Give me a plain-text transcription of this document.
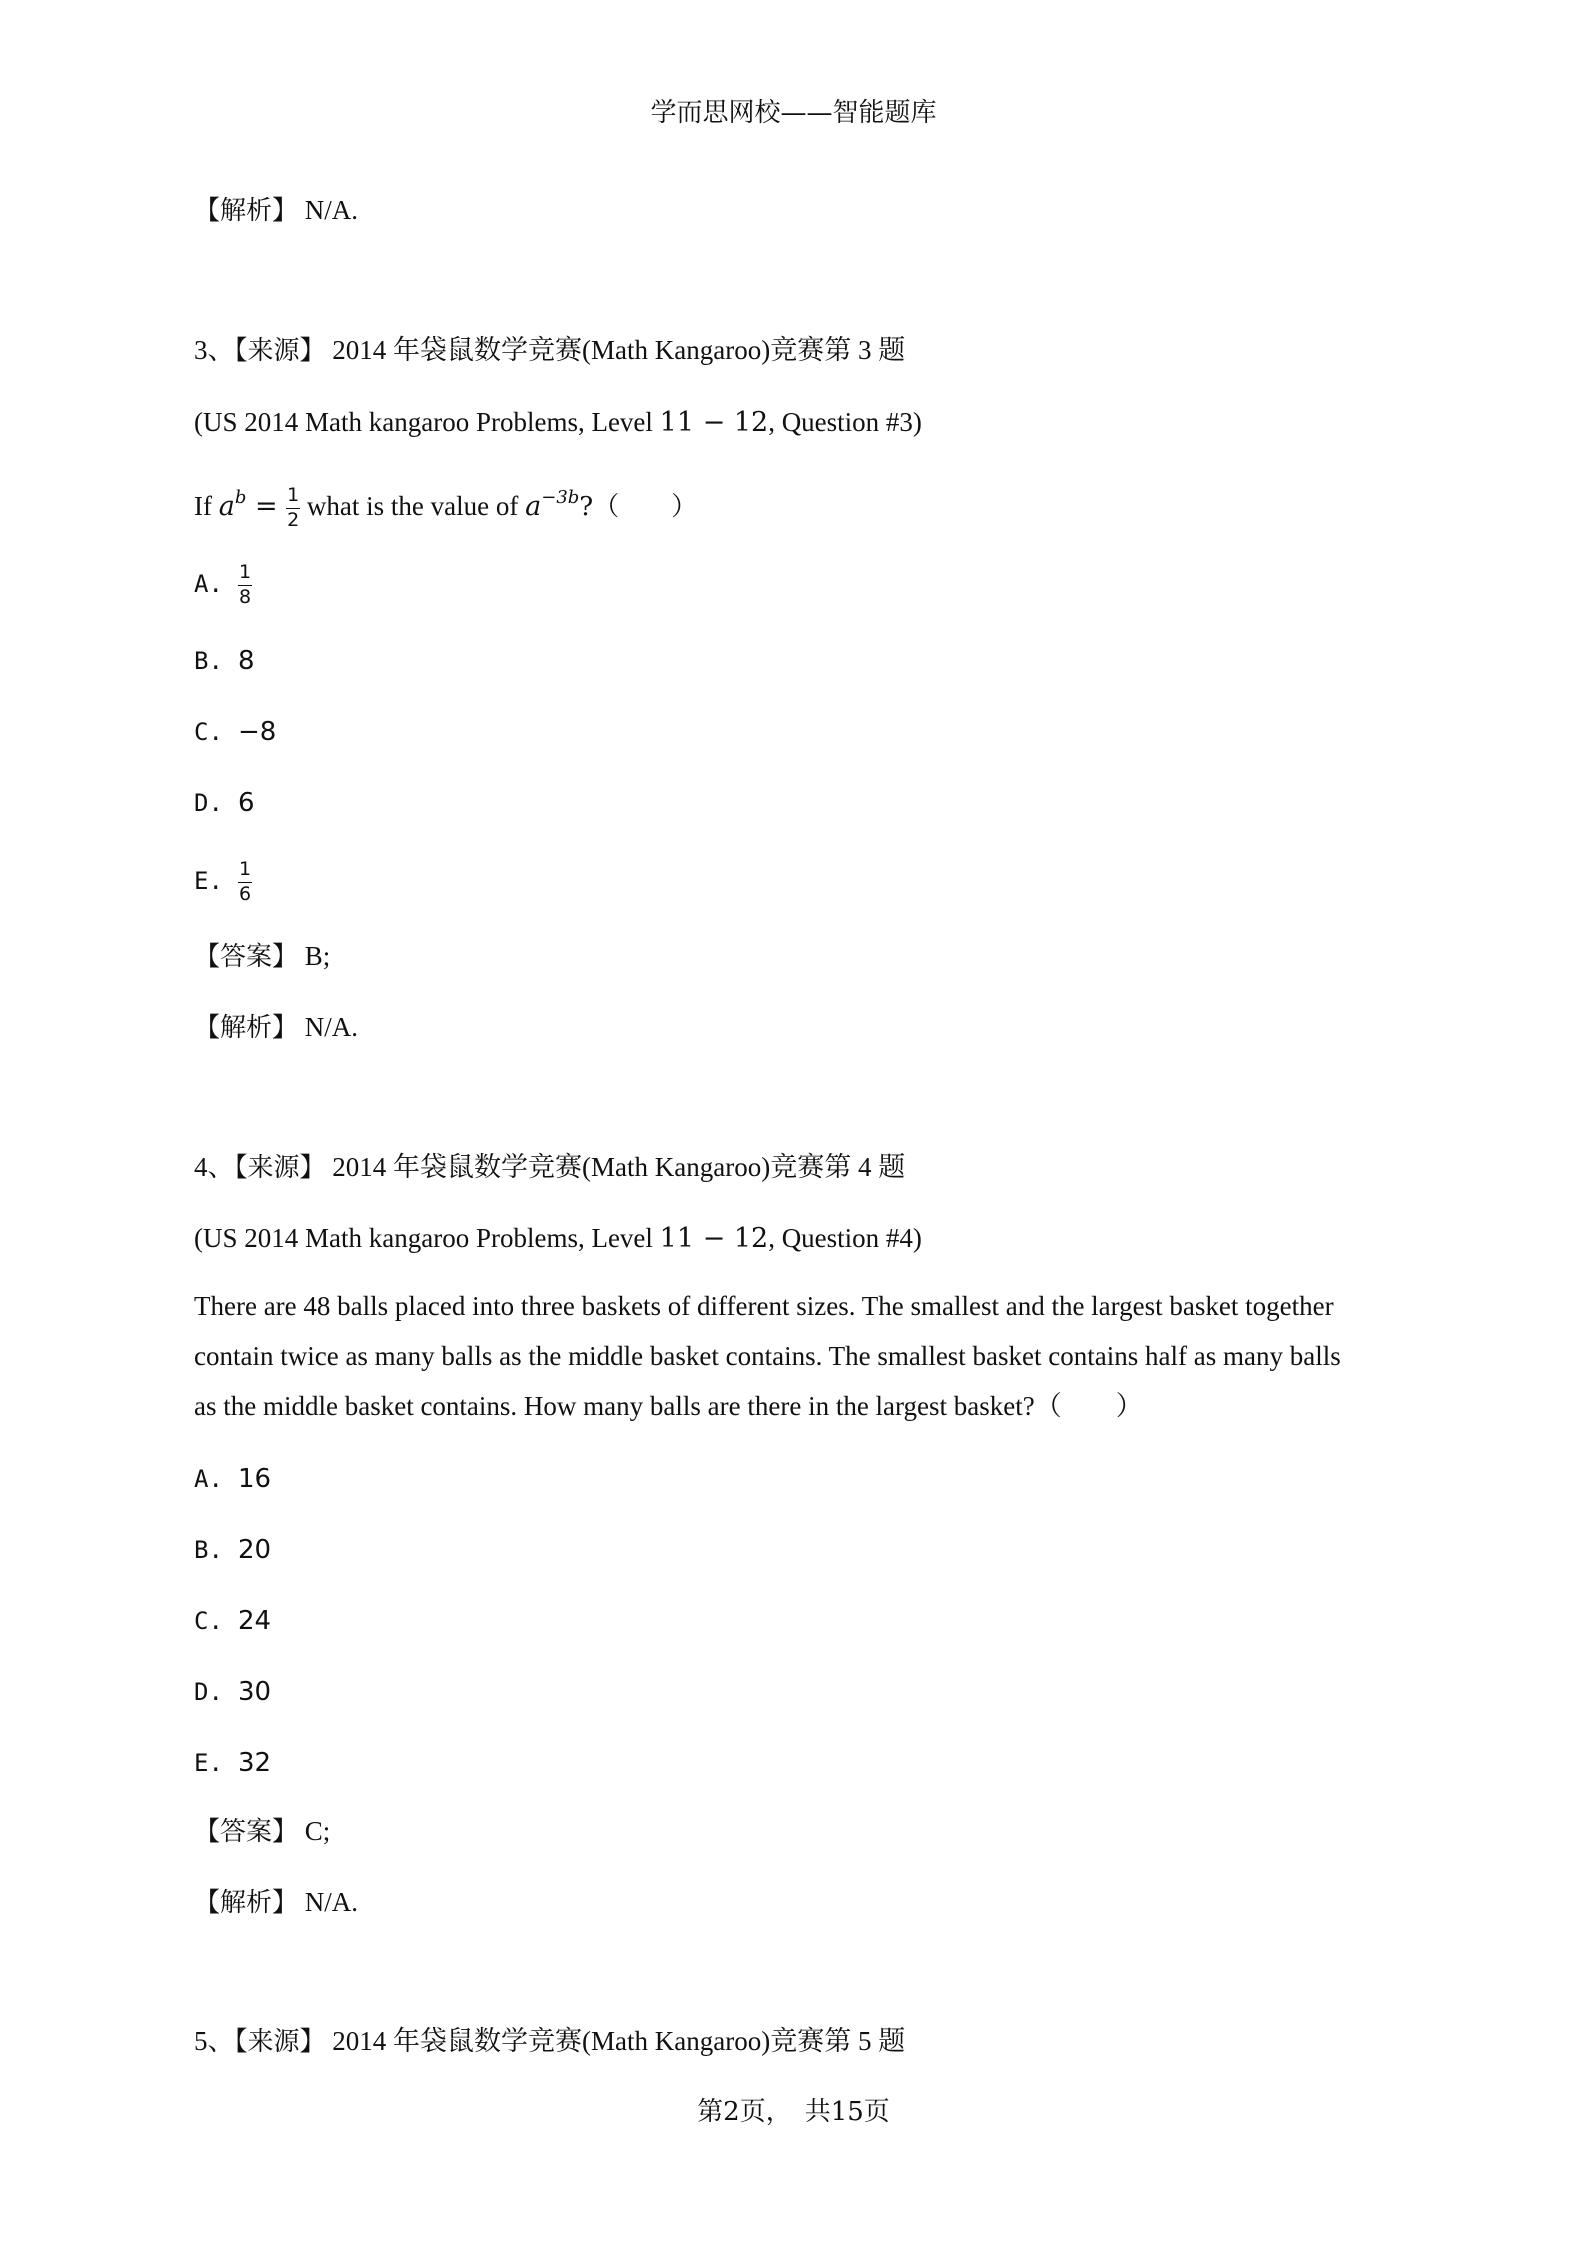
学而思网校——智能题库
【解析】 N/A.
3、【来源】 2014 年袋鼠数学竞赛(Math Kangaroo)竞赛第 3 题
(US 2014 Math kangaroo Problems, Level 11 − 12, Question #3)
If $a^b = \frac{1}{2}$ what is the value of $a^{-3b}$?（　　）
A. $\frac{1}{8}$
B. 8
C. −8
D. 6
E. $\frac{1}{6}$
【答案】 B;
【解析】 N/A.
4、【来源】 2014 年袋鼠数学竞赛(Math Kangaroo)竞赛第 4 题
(US 2014 Math kangaroo Problems, Level 11 − 12, Question #4)
There are 48 balls placed into three baskets of different sizes. The smallest and the largest basket together
contain twice as many balls as the middle basket contains. The smallest basket contains half as many balls
as the middle basket contains. How many balls are there in the largest basket?（　　）
A. 16
B. 20
C. 24
D. 30
E. 32
【答案】 C;
【解析】 N/A.
5、【来源】 2014 年袋鼠数学竞赛(Math Kangaroo)竞赛第 5 题
第2页，　共15页
